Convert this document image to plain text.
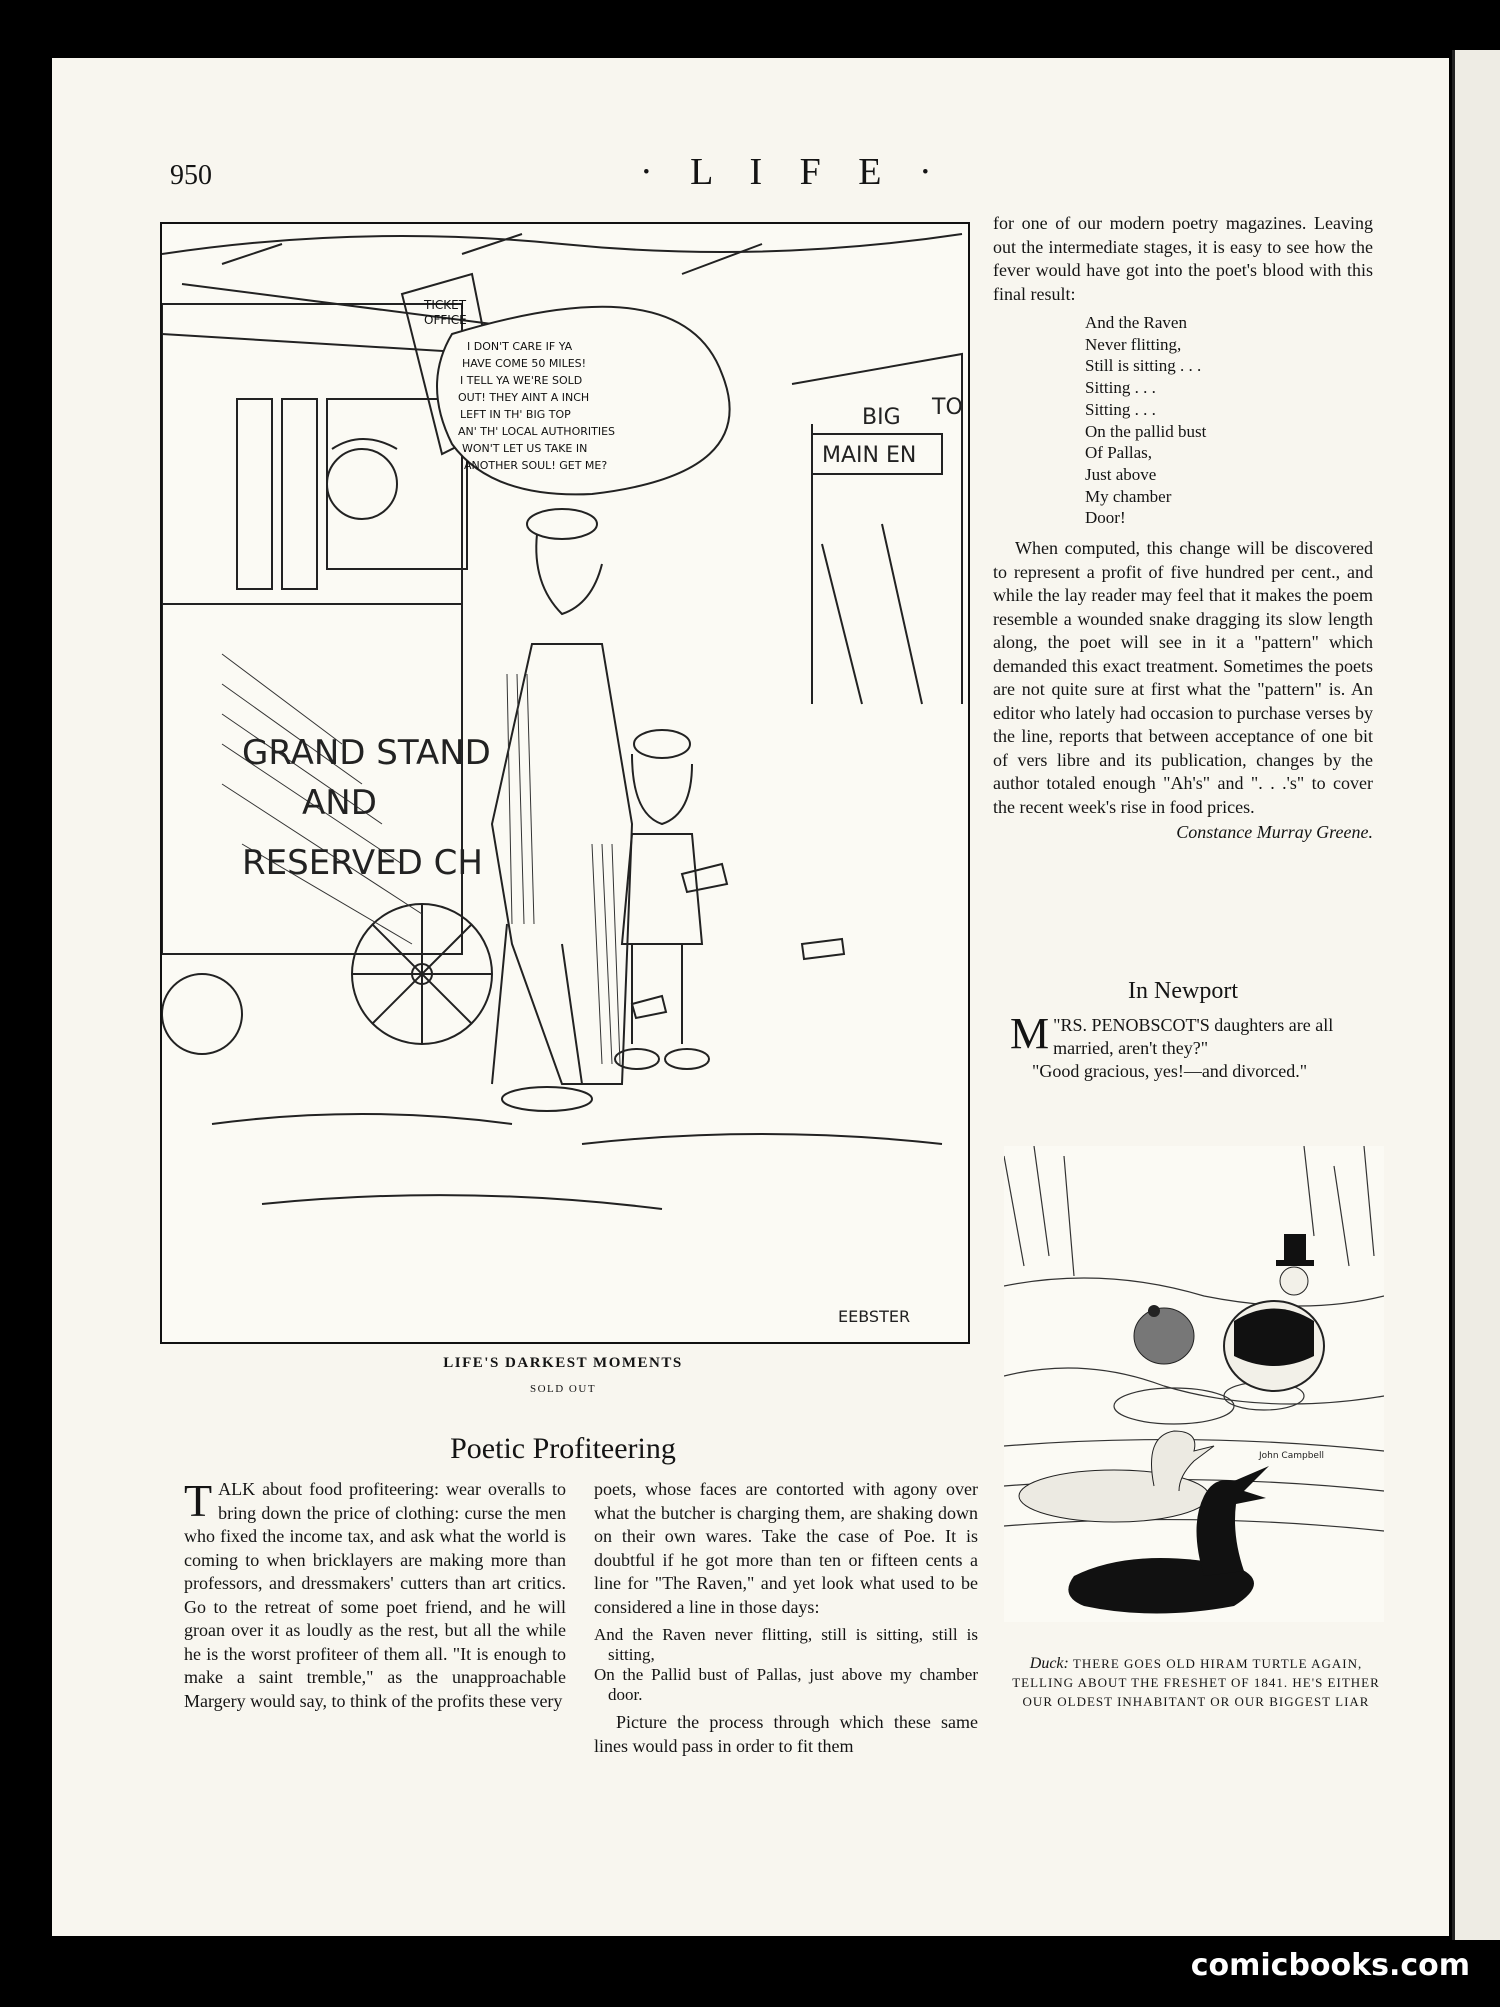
950	· L I F E ·
I DON'T CARE IF YA HAVE COME 50 MILES! I TELL YA WE'RE SOLD OUT! THEY AINT A INCH LEFT IN TH' BIG TOP AN' TH' LOCAL AUTHORITIES WON'T LET US TAKE IN ANOTHER SOUL! GET ME?
TICKET OFFICE
GRAND STAND AND RESERVED CH
TO BIG MAIN EN
EEBSTER
LIFE'S DARKEST MOMENTS
SOLD OUT
Poetic Profiteering

TALK about food profiteering: wear overalls to bring down the price of clothing: curse the men who fixed the income tax, and ask what the world is coming to when bricklayers are making more than professors, and dressmakers' cutters than art critics. Go to the retreat of some poet friend, and he will groan over it as loudly as the rest, but all the while he is the worst profiteer of them all. "It is enough to make a saint tremble," as the unapproachable Margery would say, to think of the profits these very

poets, whose faces are contorted with agony over what the butcher is charging them, are shaking down on their own wares. Take the case of Poe. It is doubtful if he got more than ten or fifteen cents a line for "The Raven," and yet look what used to be considered a line in those days:

And the Raven never flitting, still is sitting, still is sitting,
On the Pallid bust of Pallas, just above my chamber door.

Picture the process through which these same lines would pass in order to fit them

for one of our modern poetry magazines. Leaving out the intermediate stages, it is easy to see how the fever would have got into the poet's blood with this final result:

And the Raven
Never flitting,
Still is sitting . . .
Sitting . . .
Sitting . . .
On the pallid bust
Of Pallas,
Just above
My chamber
Door!

When computed, this change will be discovered to represent a profit of five hundred per cent., and while the lay reader may feel that it makes the poem resemble a wounded snake dragging its slow length along, the poet will see in it a "pattern" which demanded this exact treatment. Sometimes the poets are not quite sure at first what the "pattern" is. An editor who lately had occasion to purchase verses by the line, reports that between acceptance of one bit of vers libre and its publication, changes by the author totaled enough "Ah's" and ". . .'s" to cover the recent week's rise in food prices.

Constance Murray Greene.
In Newport
"
M RS. PENOBSCOT'S daughters are all married, aren't they?"
"Good gracious, yes!—and divorced."
John Campbell
Duck: THERE GOES OLD HIRAM TURTLE AGAIN, TELLING ABOUT THE FRESHET OF 1841. HE'S EITHER OUR OLDEST INHABITANT OR OUR BIGGEST LIAR
comicbooks.com
